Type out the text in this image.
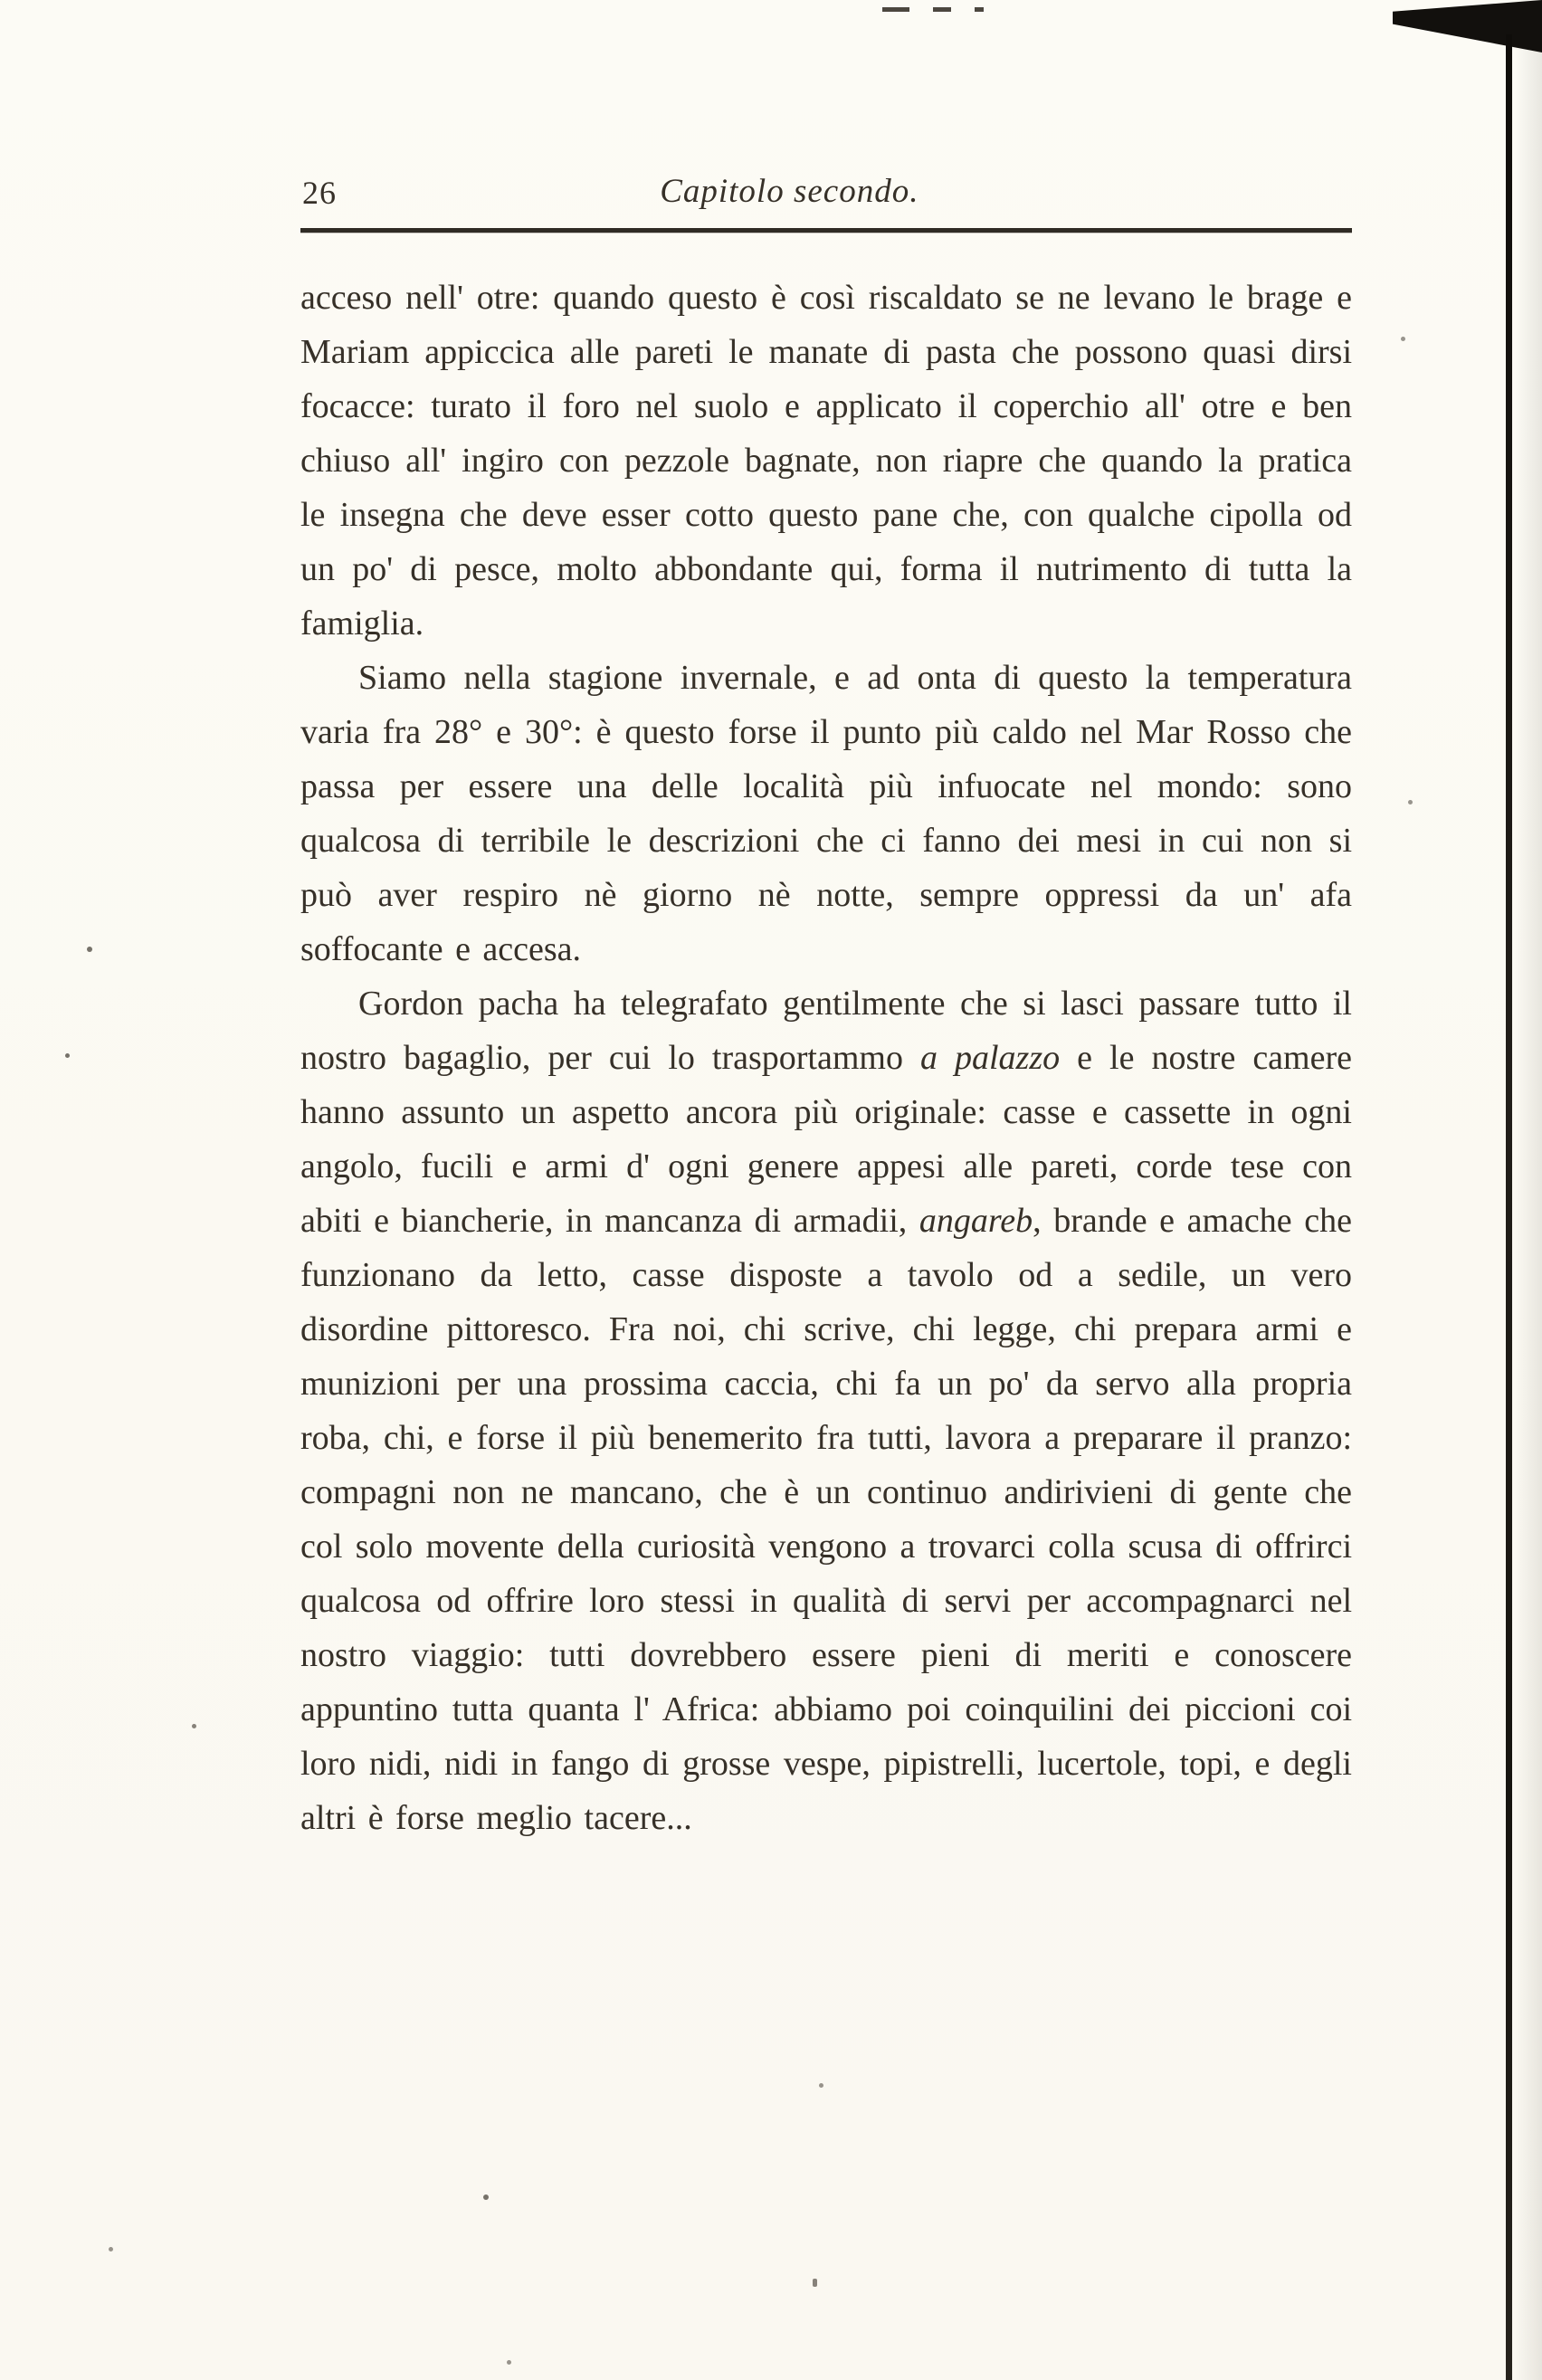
26	Capitolo secondo.

acceso nell' otre: quando questo è così riscaldato se ne levano le brage e Mariam appiccica alle pareti le manate di pasta che possono quasi dirsi focacce: turato il foro nel suolo e applicato il coperchio all' otre e ben chiuso all' ingiro con pezzole bagnate, non riapre che quando la pratica le insegna che deve esser cotto questo pane che, con qualche cipolla od un po' di pesce, molto abbondante qui, forma il nutrimento di tutta la famiglia.

Siamo nella stagione invernale, e ad onta di questo la temperatura varia fra 28° e 30°: è questo forse il punto più caldo nel Mar Rosso che passa per essere una delle località più infuocate nel mondo: sono qualcosa di terribile le descrizioni che ci fanno dei mesi in cui non si può aver respiro nè giorno nè notte, sempre oppressi da un' afa soffocante e accesa.

Gordon pacha ha telegrafato gentilmente che si lasci passare tutto il nostro bagaglio, per cui lo trasportammo a palazzo e le nostre camere hanno assunto un aspetto ancora più originale: casse e cassette in ogni angolo, fucili e armi d' ogni genere appesi alle pareti, corde tese con abiti e biancherie, in mancanza di armadii, angareb, brande e amache che funzionano da letto, casse disposte a tavolo od a sedile, un vero disordine pittoresco. Fra noi, chi scrive, chi legge, chi prepara armi e munizioni per una prossima caccia, chi fa un po' da servo alla propria roba, chi, e forse il più benemerito fra tutti, lavora a preparare il pranzo: compagni non ne mancano, che è un continuo andirivieni di gente che col solo movente della curiosità vengono a trovarci colla scusa di offrirci qualcosa od offrire loro stessi in qualità di servi per accompagnarci nel nostro viaggio: tutti dovrebbero essere pieni di meriti e conoscere appuntino tutta quanta l' Africa: abbiamo poi coinquilini dei piccioni coi loro nidi, nidi in fango di grosse vespe, pipistrelli, lucertole, topi, e degli altri è forse meglio tacere...
